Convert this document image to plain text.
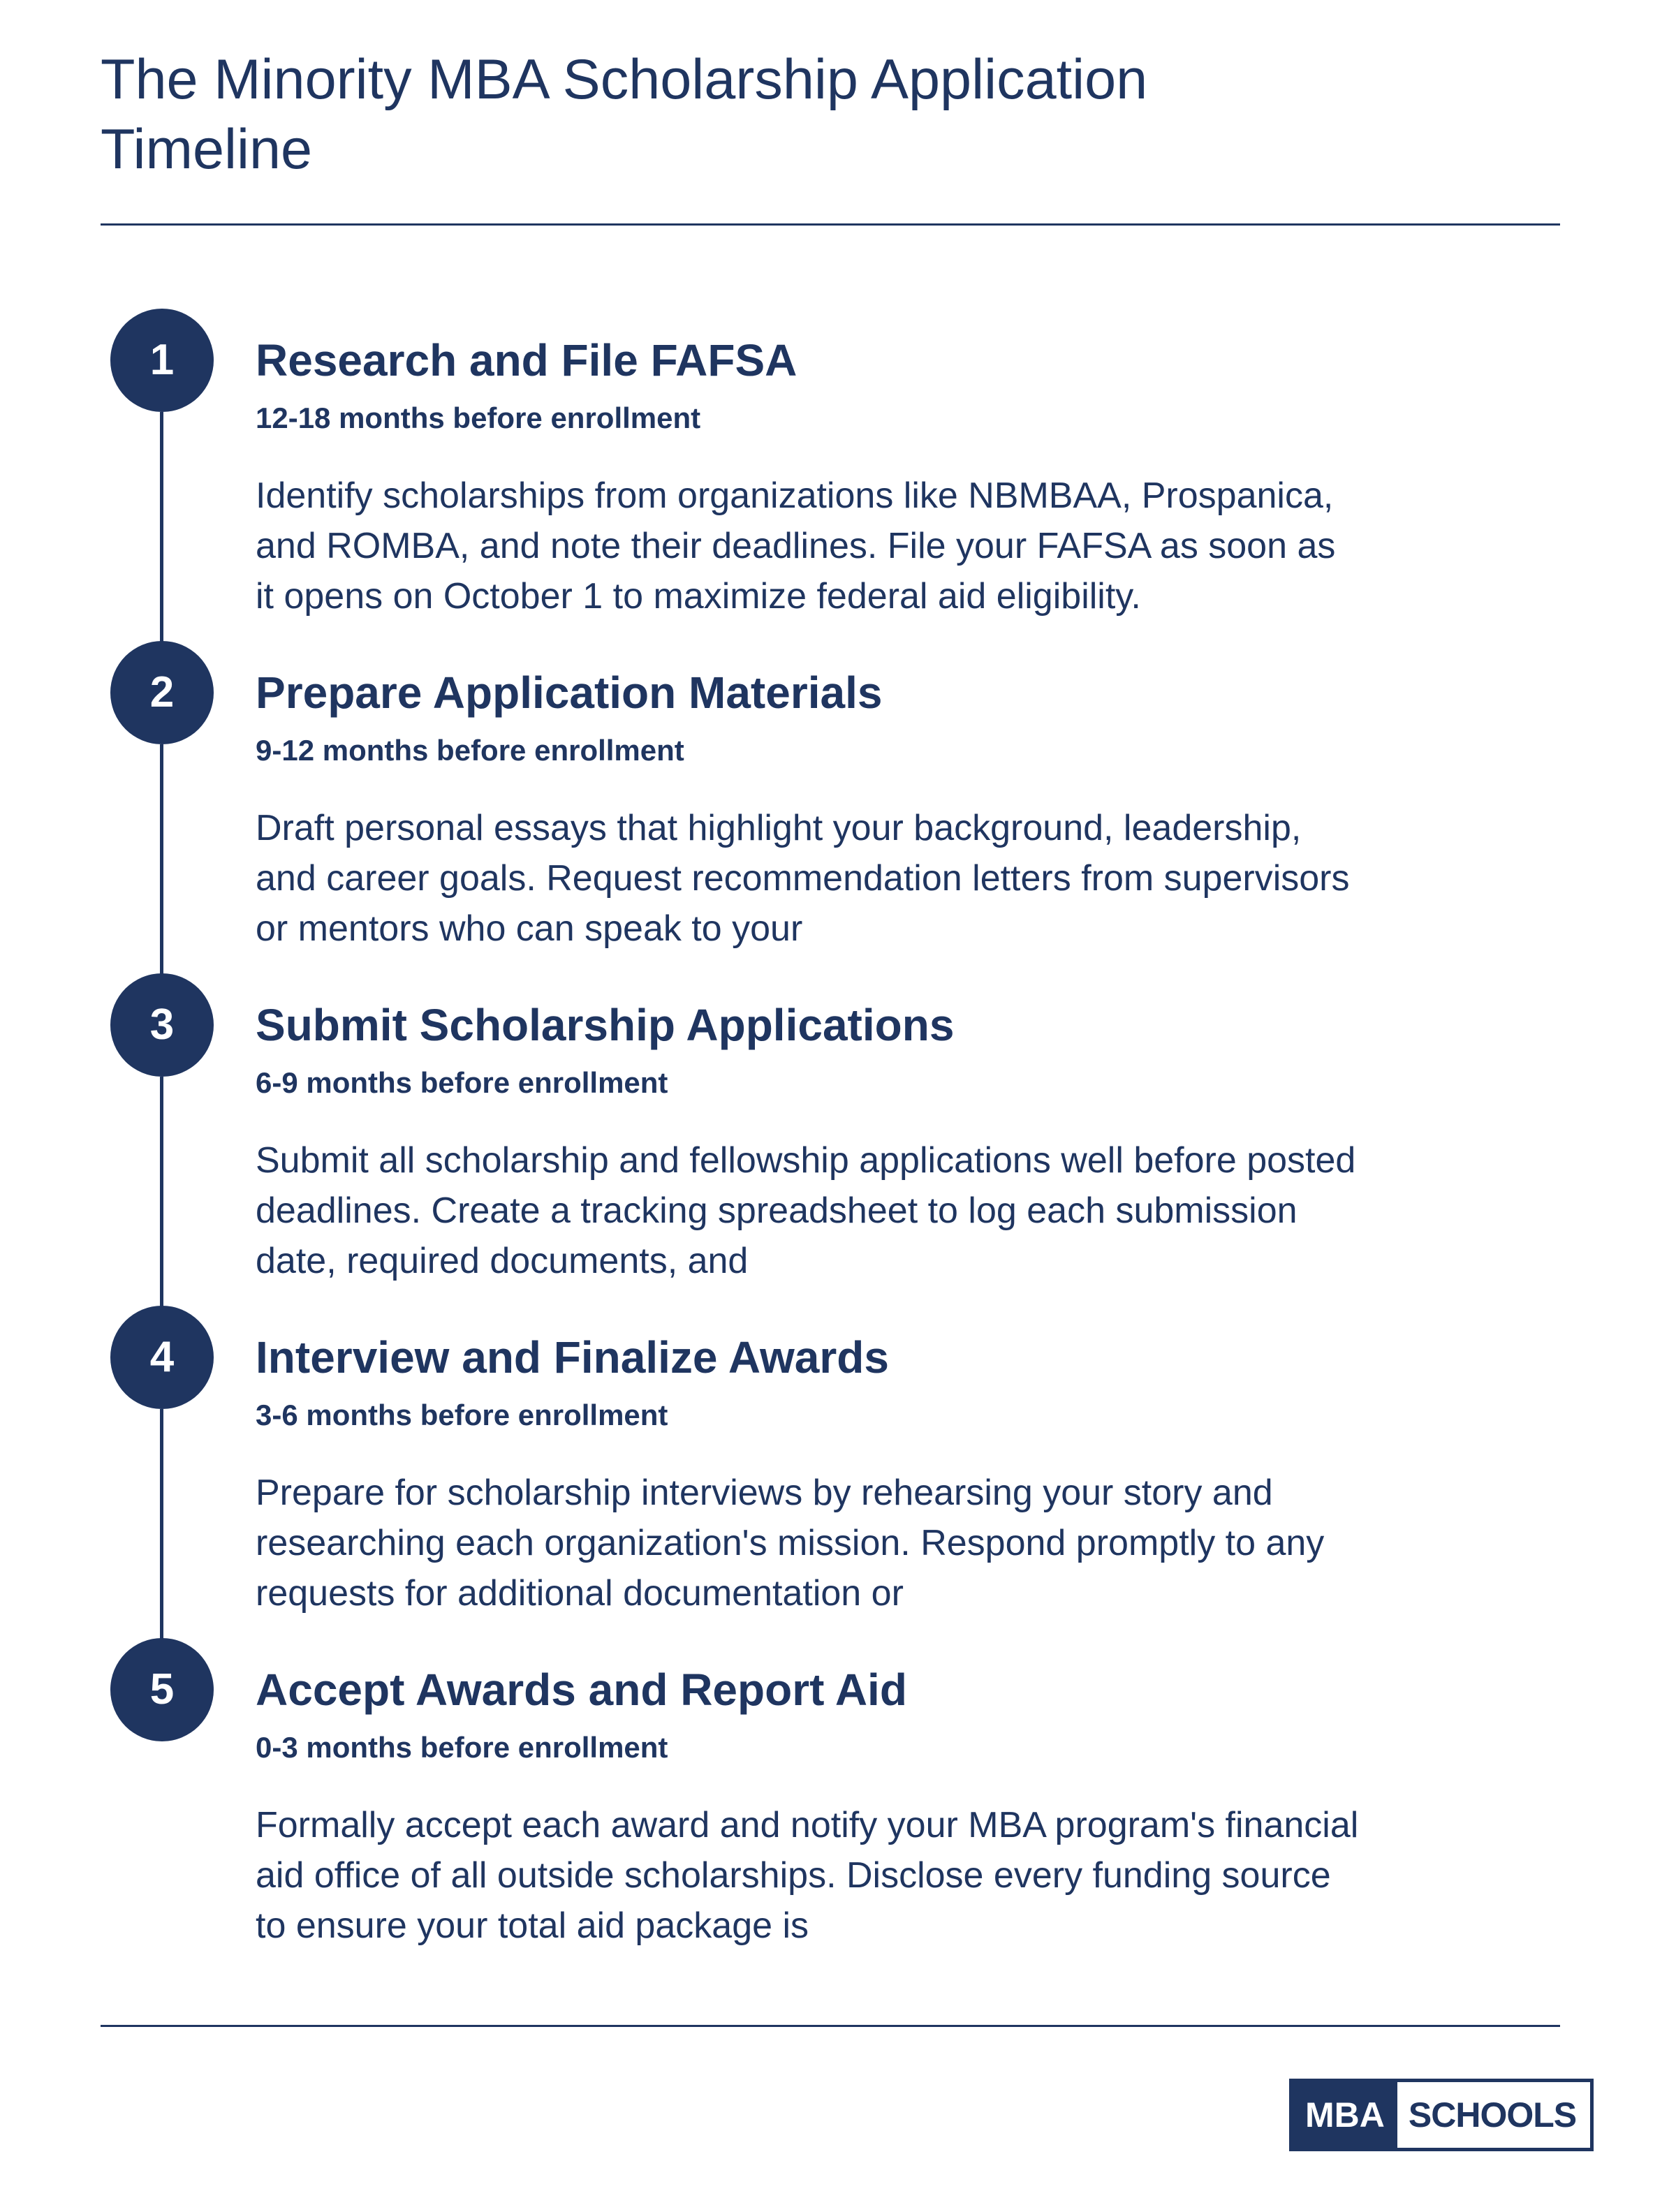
The Minority MBA Scholarship Application Timeline
1	Research and File FAFSA
12-18 months before enrollment

Identify scholarships from organizations like NBMBAA, Prospanica, and ROMBA, and note their deadlines. File your FAFSA as soon as it opens on October 1 to maximize federal aid eligibility.

2	Prepare Application Materials
9-12 months before enrollment

Draft personal essays that highlight your background, leadership, and career goals. Request recommendation letters from supervisors or mentors who can speak to your

3	Submit Scholarship Applications
6-9 months before enrollment

Submit all scholarship and fellowship applications well before posted deadlines. Create a tracking spreadsheet to log each submission date, required documents, and

4	Interview and Finalize Awards
3-6 months before enrollment

Prepare for scholarship interviews by rehearsing your story and researching each organization's mission. Respond promptly to any requests for additional documentation or

5	Accept Awards and Report Aid
0-3 months before enrollment

Formally accept each award and notify your MBA program's financial aid office of all outside scholarships. Disclose every funding source to ensure your total aid package is

MBA SCHOOLS
